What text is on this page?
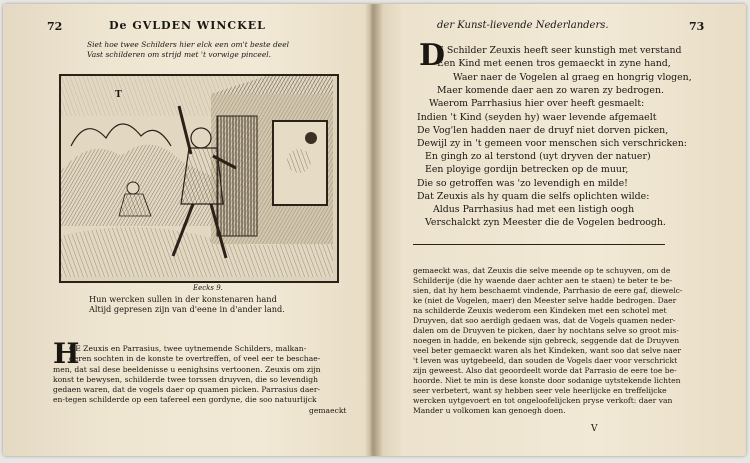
72	De GVLDEN WINCKEL
Siet hoe twee Schilders hier elck een om't beste deel
Vast schilderen om strijd met 't vorwige pinceel.
T
Eecks 9.
Hun wercken sullen in der konstenaren hand
Altijd gepresen zijn van d'eene in d'ander land.
H
OE Zeuxis en Parrasius, twee uytnemende Schilders, malkan-
deren sochten in de konste te overtreffen, of veel eer te beschae-
men, dat sal dese beeldenisse u eenighsins vertoonen. Zeuxis om zijn
konst te bewysen, schilderde twee torssen druyven, die so levendigh
gedaen waren, dat de vogels daer op quamen picken. Parrasius daer-
en-tegen schilderde op een tafereel een gordyne, die soo natuurlijck
gemaeckt
der Kunst-lievende Nederlanders.	73
D
E Schilder Zeuxis heeft seer kunstigh met verstand
Een Kind met eenen tros gemaeckt in zyne hand,
Waer naer de Vogelen al graeg en hongrig vlogen,
Maer komende daer aen zo waren zy bedrogen.
Waerom Parrhasius hier over heeft gesmaelt:
Indien 't Kind (seyden hy) waer levende afgemaelt
De Vog'len hadden naer de druyf niet dorven picken,
Dewijl zy in 't gemeen voor menschen sich verschricken:
En gingh zo al terstond (uyt dryven der natuer)
Een ployige gordijn betrecken op de muur,
Die so getroffen was 'zo levendigh en milde!
Dat Zeuxis als hy quam die selfs oplichten wilde:
Aldus Parrhasius had met een listigh oogh
Verschalckt zyn Meester die de Vogelen bedroogh.
gemaeckt was, dat Zeuxis die selve meende op te schuyven, om de
Schilderije (die hy waende daer achter aen te staen) te beter te be-
sien, dat hy hem beschaemt vindende, Parrhasio de eere gaf, diewelc-
ke (niet de Vogelen, maer) den Meester selve hadde bedrogen. Daer
na schilderde Zeuxis wederom een Kindeken met een schotel met
Druyven, dat soo aerdigh gedaen was, dat de Vogels quamen neder-
dalen om de Druyven te picken, daer hy nochtans selve so groot mis-
noegen in hadde, en bekende sijn gebreck, seggende dat de Druyven
veel beter gemaeckt waren als het Kindeken, want soo dat selve naer
't leven was uytgebeeld, dan souden de Vogels daer voor verschrickt
zijn geweest. Also dat geoordeelt worde dat Parrasio de eere toe be-
hoorde. Niet te min is dese konste door sodanige uytstekende lichten
seer verbetert, want sy hebben seer vele heerlijcke en treffelijcke
wercken uytgevoert en tot ongeloofelijcken pryse verkoft: daer van
Mander u volkomen kan genoegh doen.
V
